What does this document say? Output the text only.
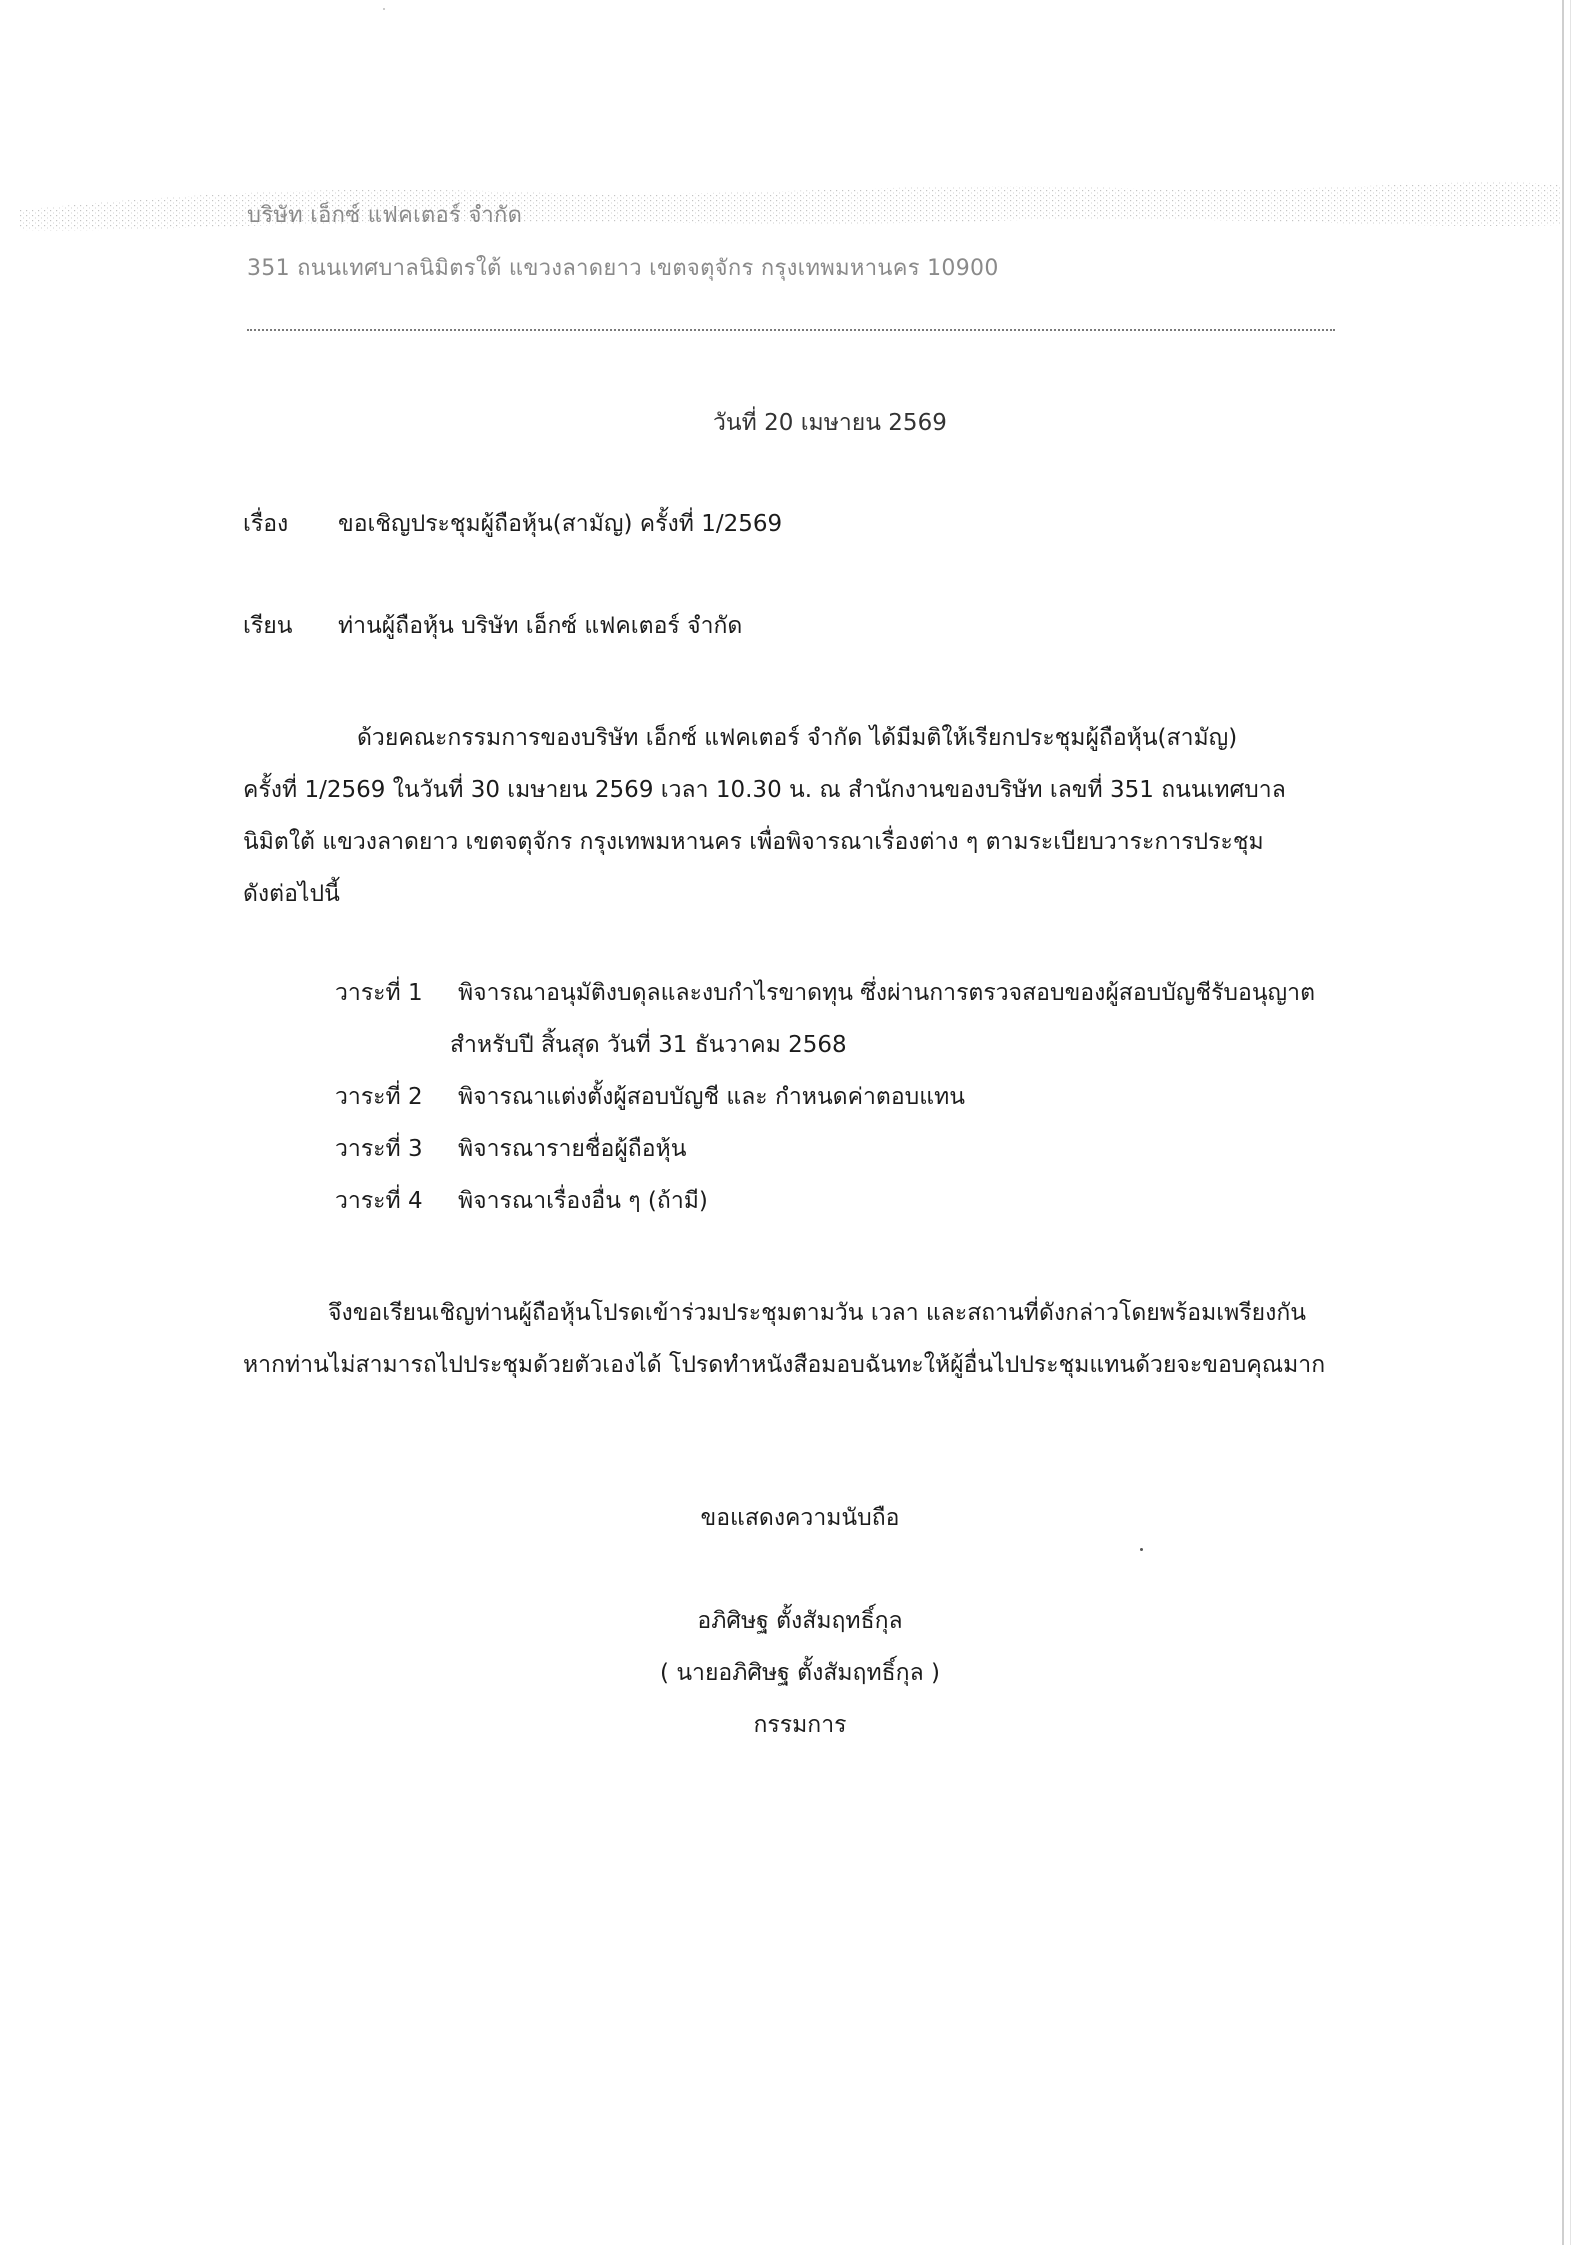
บริษัท เอ็กซ์ แฟคเตอร์ จำกัด
351 ถนนเทศบาลนิมิตรใต้ แขวงลาดยาว เขตจตุจักร กรุงเทพมหานคร 10900
วันที่ 20 เมษายน 2569
เรื่อง ขอเชิญประชุมผู้ถือหุ้น(สามัญ) ครั้งที่ 1/2569
เรียน ท่านผู้ถือหุ้น บริษัท เอ็กซ์ แฟคเตอร์ จำกัด
ด้วยคณะกรรมการของบริษัท เอ็กซ์ แฟคเตอร์ จำกัด ได้มีมติให้เรียกประชุมผู้ถือหุ้น(สามัญ)
ครั้งที่ 1/2569 ในวันที่ 30 เมษายน 2569 เวลา 10.30 น. ณ สำนักงานของบริษัท เลขที่ 351 ถนนเทศบาล
นิมิตใต้ แขวงลาดยาว เขตจตุจักร กรุงเทพมหานคร เพื่อพิจารณาเรื่องต่าง ๆ ตามระเบียบวาระการประชุม
ดังต่อไปนี้
วาระที่ 1 พิจารณาอนุมัติงบดุลและงบกำไรขาดทุน ซึ่งผ่านการตรวจสอบของผู้สอบบัญชีรับอนุญาต
สำหรับปี สิ้นสุด วันที่ 31 ธันวาคม 2568
วาระที่ 2 พิจารณาแต่งตั้งผู้สอบบัญชี และ กำหนดค่าตอบแทน
วาระที่ 3 พิจารณารายชื่อผู้ถือหุ้น
วาระที่ 4 พิจารณาเรื่องอื่น ๆ (ถ้ามี)
จึงขอเรียนเชิญท่านผู้ถือหุ้นโปรดเข้าร่วมประชุมตามวัน เวลา และสถานที่ดังกล่าวโดยพร้อมเพรียงกัน
หากท่านไม่สามารถไปประชุมด้วยตัวเองได้ โปรดทำหนังสือมอบฉันทะให้ผู้อื่นไปประชุมแทนด้วยจะขอบคุณมาก
ขอแสดงความนับถือ
อภิศิษฐ ตั้งสัมฤทธิ์กุล
( นายอภิศิษฐ ตั้งสัมฤทธิ์กุล )
กรรมการ
